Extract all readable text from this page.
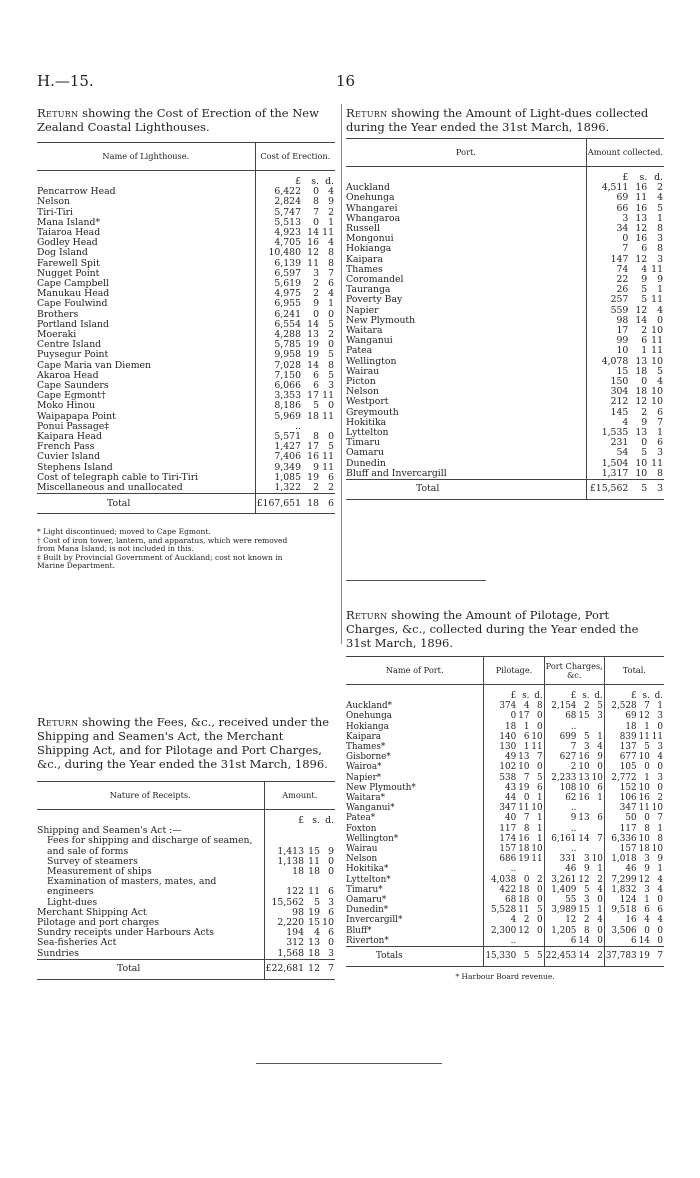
H.—15.	16
Return showing the Cost of Erection of the New Zealand Coastal Lighthouses.
Name of Lighthouse.	Cost of Erection.		
	£	s.	d.
Pencarrow Head	6,422	0	4
Nelson	2,824	8	9
Tiri-Tiri	5,747	7	2
Mana Island*	5,513	0	1
Taiaroa Head	4,923	14	11
Godley Head	4,705	16	4
Dog Island	10,480	12	8
Farewell Spit	6,139	11	8
Nugget Point	6,597	3	7
Cape Campbell	5,619	2	6
Manukau Head	4,975	2	4
Cape Foulwind	6,955	9	1
Brothers	6,241	0	0
Portland Island	6,554	14	5
Moeraki	4,288	13	2
Centre Island	5,785	19	0
Puysegur Point	9,958	19	5
Cape Maria van Diemen	7,028	14	8
Akaroa Head	7,150	6	5
Cape Saunders	6,066	6	3
Cape Egmont†	3,353	17	11
Moko Hinou	8,186	5	0
Waipapapa Point	5,969	18	11
Ponui Passage‡	..		
Kaipara Head	5,571	8	0
French Pass	1,427	17	5
Cuvier Island	7,406	16	11
Stephens Island	9,349	9	11
Cost of telegraph cable to Tiri-Tiri	1,085	19	6
Miscellaneous and unallocated	1,322	2	2
Total	£167,651	18	6
* Light discontinued; moved to Cape Egmont.
† Cost of iron tower, lantern, and apparatus, which were removed from Mana Island, is not included in this.
‡ Built by Provincial Government of Auckland; cost not known in Marine Department.
Return showing the Amount of Light-dues collected during the Year ended the 31st March, 1896.
Port.	Amount collected.		
	£	s.	d.
Auckland	4,511	16	2
Onehunga	69	11	4
Whangarei	66	16	5
Whangaroa	3	13	1
Russell	34	12	8
Mongonui	0	16	3
Hokianga	7	6	8
Kaipara	147	12	3
Thames	74	4	11
Coromandel	22	9	9
Tauranga	26	5	1
Poverty Bay	257	5	11
Napier	559	12	4
New Plymouth	98	14	0
Waitara	17	2	10
Wanganui	99	6	11
Patea	10	1	11
Wellington	4,078	13	10
Wairau	15	18	5
Picton	150	0	4
Nelson	304	18	10
Westport	212	12	10
Greymouth	145	2	6
Hokitika	4	9	7
Lyttelton	1,535	13	1
Timaru	231	0	6
Oamaru	54	5	3
Dunedin	1,504	10	11
Bluff and Invercargill	1,317	10	8
Total	£15,562	5	3
Return showing the Fees, &c., received under the Shipping and Seamen's Act, the Merchant Shipping Act, and for Pilotage and Port Charges, &c., during the Year ended the 31st March, 1896.
Nature of Receipts.	Amount.		
	£	s.	d.
Shipping and Seamen's Act :—			
Fees for shipping and discharge of seamen, and sale of forms	1,413	15	9
Survey of steamers	1,138	11	0
Measurement of ships	18	18	0
Examination of masters, mates, and engineers	122	11	6
Light-dues	15,562	5	3
Merchant Shipping Act	98	19	6
Pilotage and port charges	2,220	15	10
Sundry receipts under Harbours Acts	194	4	6
Sea-fisheries Act	312	13	0
Sundries	1,568	18	3
Total	£22,681	12	7
Return showing the Amount of Pilotage, Port Charges, &c., collected during the Year ended the 31st March, 1896.
Name of Port.	Pilotage.			Port Charges, &c.			Total.		
	£	s.	d.	£	s.	d.	£	s.	d.
Auckland*	374	4	8	2,154	2	5	2,528	7	1
Onehunga	0	17	0	68	15	3	69	12	3
Hokianga	18	1	0	..			18	1	0
Kaipara	140	6	10	699	5	1	839	11	11
Thames*	130	1	11	7	3	4	137	5	3
Gisborne*	49	13	7	627	16	9	677	10	4
Wairoa*	102	10	0	2	10	0	105	0	0
Napier*	538	7	5	2,233	13	10	2,772	1	3
New Plymouth*	43	19	6	108	10	6	152	10	0
Waitara*	44	0	1	62	16	1	106	16	2
Wanganui*	347	11	10	..			347	11	10
Patea*	40	7	1	9	13	6	50	0	7
Foxton	117	8	1	..			117	8	1
Wellington*	174	16	1	6,161	14	7	6,336	10	8
Wairau	157	18	10	..			157	18	10
Nelson	686	19	11	331	3	10	1,018	3	9
Hokitika*	..			46	9	1	46	9	1
Lyttelton*	4,038	0	2	3,261	12	2	7,299	12	4
Timaru*	422	18	0	1,409	5	4	1,832	3	4
Oamaru*	68	18	0	55	3	0	124	1	0
Dunedin*	5,528	11	5	3,989	15	1	9,518	6	6
Invercargill*	4	2	0	12	2	4	16	4	4
Bluff*	2,300	12	0	1,205	8	0	3,506	0	0
Riverton*	..			6	14	0	6	14	0
Totals	15,330	5	5	22,453	14	2	37,783	19	7
* Harbour Board revenue.
